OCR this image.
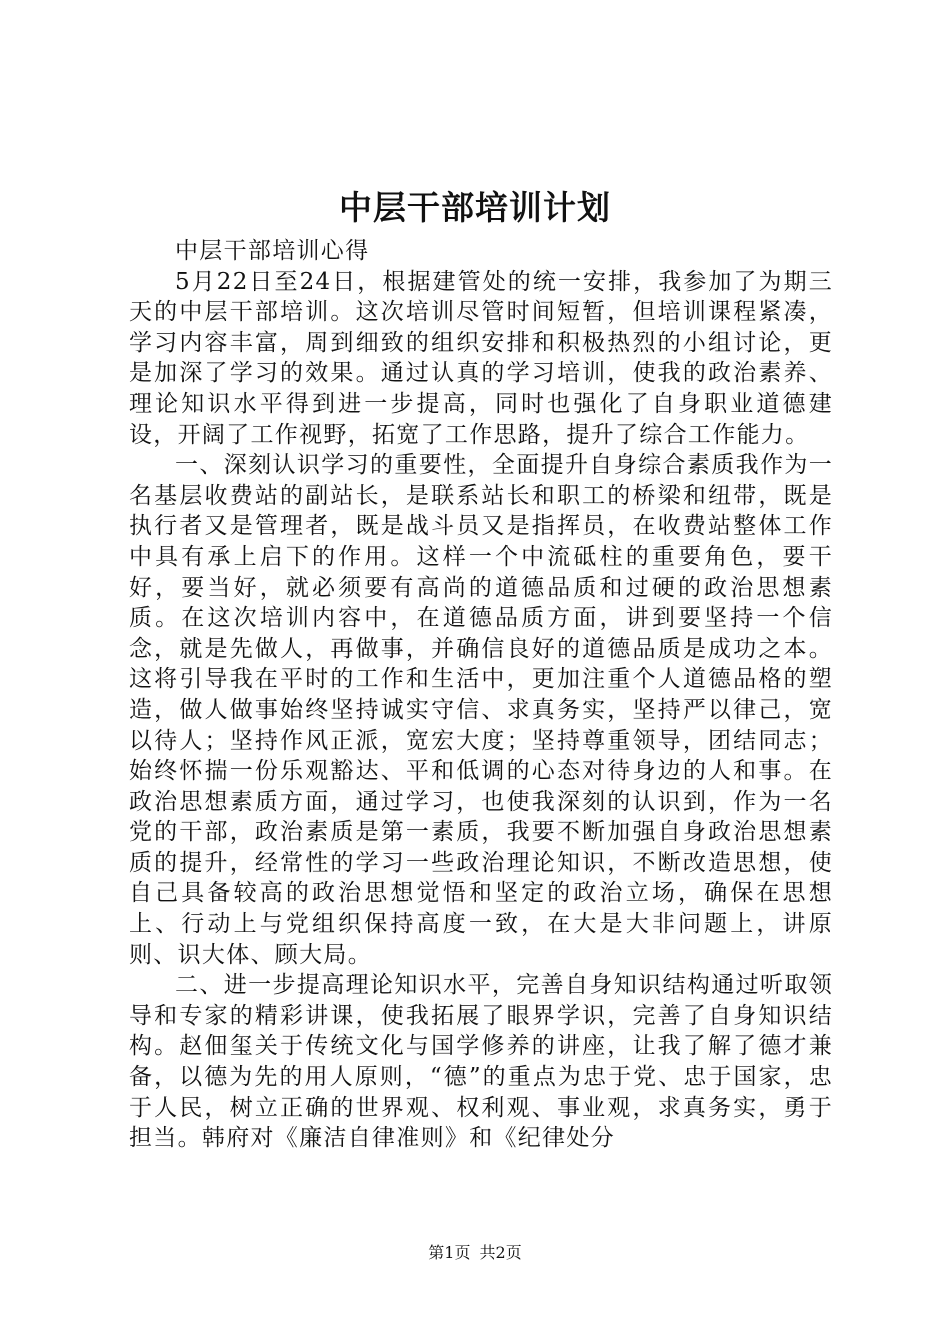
中层干部培训计划

中层干部培训心得

5月22日至24日，根据建管处的统一安排，我参加了为期三天的中层干部培训。这次培训尽管时间短暂，但培训课程紧凑，学习内容丰富，周到细致的组织安排和积极热烈的小组讨论，更是加深了学习的效果。通过认真的学习培训，使我的政治素养、理论知识水平得到进一步提高，同时也强化了自身职业道德建设，开阔了工作视野，拓宽了工作思路，提升了综合工作能力。

一、深刻认识学习的重要性，全面提升自身综合素质我作为一名基层收费站的副站长，是联系站长和职工的桥梁和纽带，既是执行者又是管理者，既是战斗员又是指挥员，在收费站整体工作中具有承上启下的作用。这样一个中流砥柱的重要角色，要干好，要当好，就必须要有高尚的道德品质和过硬的政治思想素质。在这次培训内容中，在道德品质方面，讲到要坚持一个信念，就是先做人，再做事，并确信良好的道德品质是成功之本。这将引导我在平时的工作和生活中，更加注重个人道德品格的塑造，做人做事始终坚持诚实守信、求真务实，坚持严以律己，宽以待人；坚持作风正派，宽宏大度；坚持尊重领导，团结同志；始终怀揣一份乐观豁达、平和低调的心态对待身边的人和事。在政治思想素质方面，通过学习，也使我深刻的认识到，作为一名党的干部，政治素质是第一素质，我要不断加强自身政治思想素质的提升，经常性的学习一些政治理论知识，不断改造思想，使自己具备较高的政治思想觉悟和坚定的政治立场，确保在思想上、行动上与党组织保持高度一致，在大是大非问题上，讲原则、识大体、顾大局。

二、进一步提高理论知识水平，完善自身知识结构通过听取领导和专家的精彩讲课，使我拓展了眼界学识，完善了自身知识结构。赵佃玺关于传统文化与国学修养的讲座，让我了解了德才兼备，以德为先的用人原则，“德”的重点为忠于党、忠于国家，忠于人民，树立正确的世界观、权利观、事业观，求真务实，勇于担当。韩府对《廉洁自律准则》和《纪律处分

第1页 共2页
